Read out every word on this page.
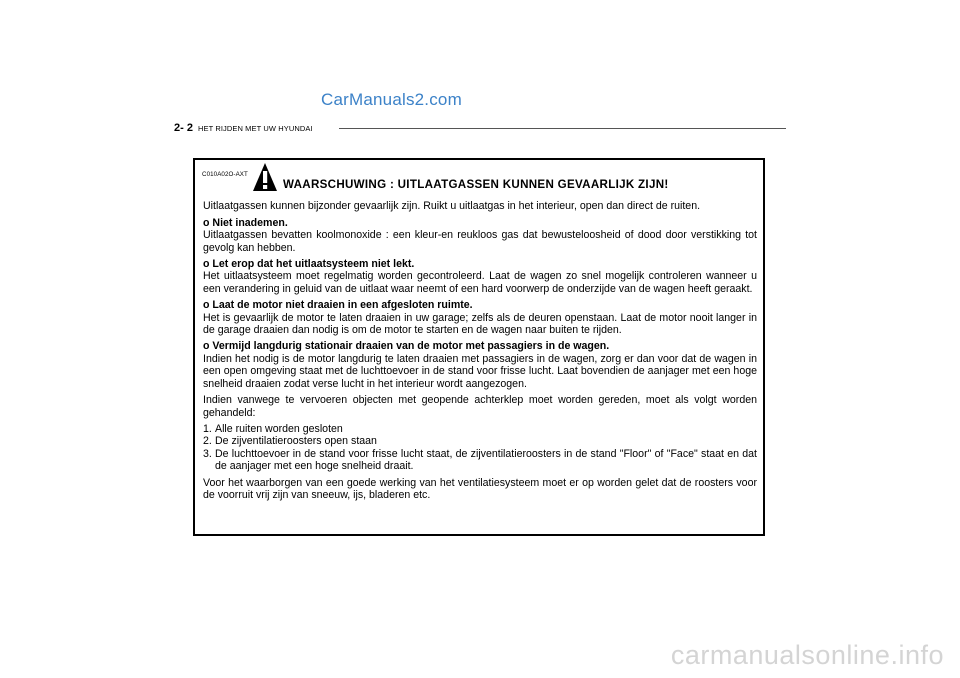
CarManuals2.com
2- 2 HET RIJDEN MET UW HYUNDAI
C010A02O-AXT
WAARSCHUWING : UITLAATGASSEN KUNNEN GEVAARLIJK ZIJN!
Uitlaatgassen kunnen bijzonder gevaarlijk zijn. Ruikt u uitlaatgas in het interieur, open dan direct de ruiten.
o Niet inademen.
Uitlaatgassen bevatten koolmonoxide : een kleur-en reukloos gas dat bewusteloosheid of dood door verstikking tot gevolg kan hebben.
o Let erop dat het uitlaatsysteem niet lekt.
Het uitlaatsysteem moet regelmatig worden gecontroleerd. Laat de wagen zo snel mogelijk controleren wanneer u een verandering in geluid van de uitlaat waar neemt of een hard voorwerp de onderzijde van de wagen heeft geraakt.
o Laat de motor niet draaien in een afgesloten ruimte.
Het is gevaarlijk de motor te laten draaien in uw garage; zelfs als de deuren openstaan. Laat de motor nooit langer in de garage draaien dan nodig is om de motor te starten en de wagen naar buiten te rijden.
o Vermijd langdurig stationair draaien van de motor met passagiers in de wagen.
Indien het nodig is de motor langdurig te laten draaien met passagiers in de wagen, zorg er dan voor dat de wagen in een open omgeving staat met de luchttoevoer in de stand voor frisse lucht. Laat bovendien de aanjager met een hoge snelheid draaien zodat verse lucht in het interieur wordt aangezogen.
Indien vanwege te vervoeren objecten met geopende achterklep moet worden gereden, moet als volgt worden gehandeld:
1. Alle ruiten worden gesloten
2. De zijventilatieroosters open staan
3. De luchttoevoer in de stand voor frisse lucht staat, de zijventilatieroosters in de stand "Floor" of "Face" staat en dat de aanjager met een hoge snelheid draait.
Voor het waarborgen van een goede werking van het ventilatiesysteem moet er op worden gelet dat de roosters voor de voorruit vrij zijn van sneeuw, ijs, bladeren etc.
carmanualsonline.info
